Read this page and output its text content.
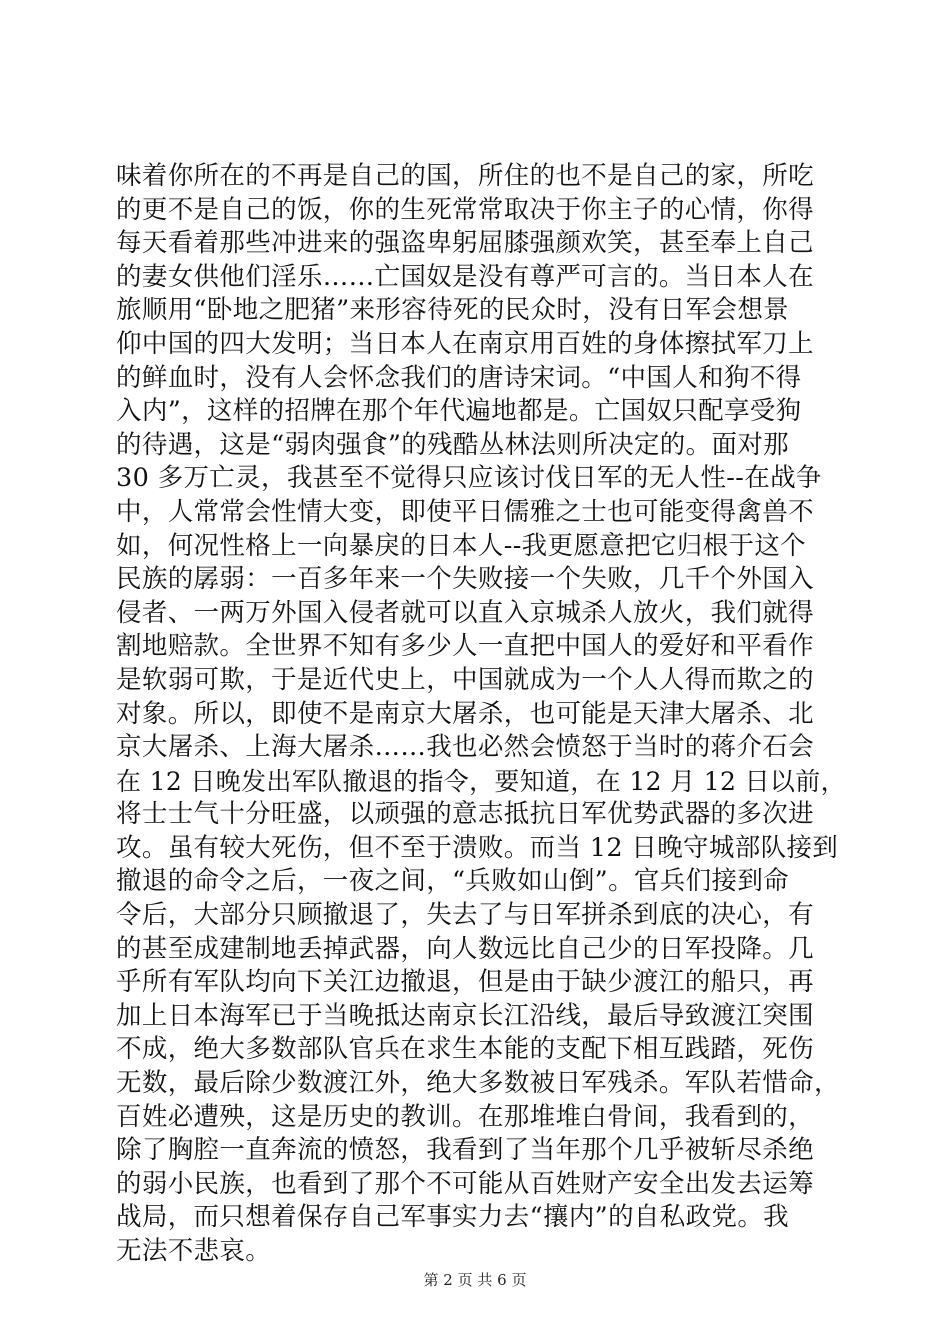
味着你所在的不再是自己的国，所住的也不是自己的家，所吃
的更不是自己的饭，你的生死常常取决于你主子的心情，你得
每天看着那些冲进来的强盗卑躬屈膝强颜欢笑，甚至奉上自己
的妻女供他们淫乐……亡国奴是没有尊严可言的。当日本人在
旅顺用“卧地之肥猪”来形容待死的民众时，没有日军会想景
仰中国的四大发明；当日本人在南京用百姓的身体擦拭军刀上
的鲜血时，没有人会怀念我们的唐诗宋词。“中国人和狗不得
入内”，这样的招牌在那个年代遍地都是。亡国奴只配享受狗
的待遇，这是“弱肉强食”的残酷丛林法则所决定的。面对那
30 多万亡灵，我甚至不觉得只应该讨伐日军的无人性--在战争
中，人常常会性情大变，即使平日儒雅之士也可能变得禽兽不
如，何况性格上一向暴戾的日本人--我更愿意把它归根于这个
民族的孱弱：一百多年来一个失败接一个失败，几千个外国入
侵者、一两万外国入侵者就可以直入京城杀人放火，我们就得
割地赔款。全世界不知有多少人一直把中国人的爱好和平看作
是软弱可欺，于是近代史上，中国就成为一个人人得而欺之的
对象。所以，即使不是南京大屠杀，也可能是天津大屠杀、北
京大屠杀、上海大屠杀……我也必然会愤怒于当时的蒋介石会
在 12 日晚发出军队撤退的指令，要知道，在 12 月 12 日以前，
将士士气十分旺盛，以顽强的意志抵抗日军优势武器的多次进
攻。虽有较大死伤，但不至于溃败。而当 12 日晚守城部队接到
撤退的命令之后，一夜之间，“兵败如山倒”。官兵们接到命
令后，大部分只顾撤退了，失去了与日军拼杀到底的决心，有
的甚至成建制地丢掉武器，向人数远比自己少的日军投降。几
乎所有军队均向下关江边撤退，但是由于缺少渡江的船只，再
加上日本海军已于当晚抵达南京长江沿线，最后导致渡江突围
不成，绝大多数部队官兵在求生本能的支配下相互践踏，死伤
无数，最后除少数渡江外，绝大多数被日军残杀。军队若惜命，
百姓必遭殃，这是历史的教训。在那堆堆白骨间，我看到的，
除了胸腔一直奔流的愤怒，我看到了当年那个几乎被斩尽杀绝
的弱小民族，也看到了那个不可能从百姓财产安全出发去运筹
战局，而只想着保存自己军事实力去“攘内”的自私政党。我
无法不悲哀。
第 2 页 共 6 页
